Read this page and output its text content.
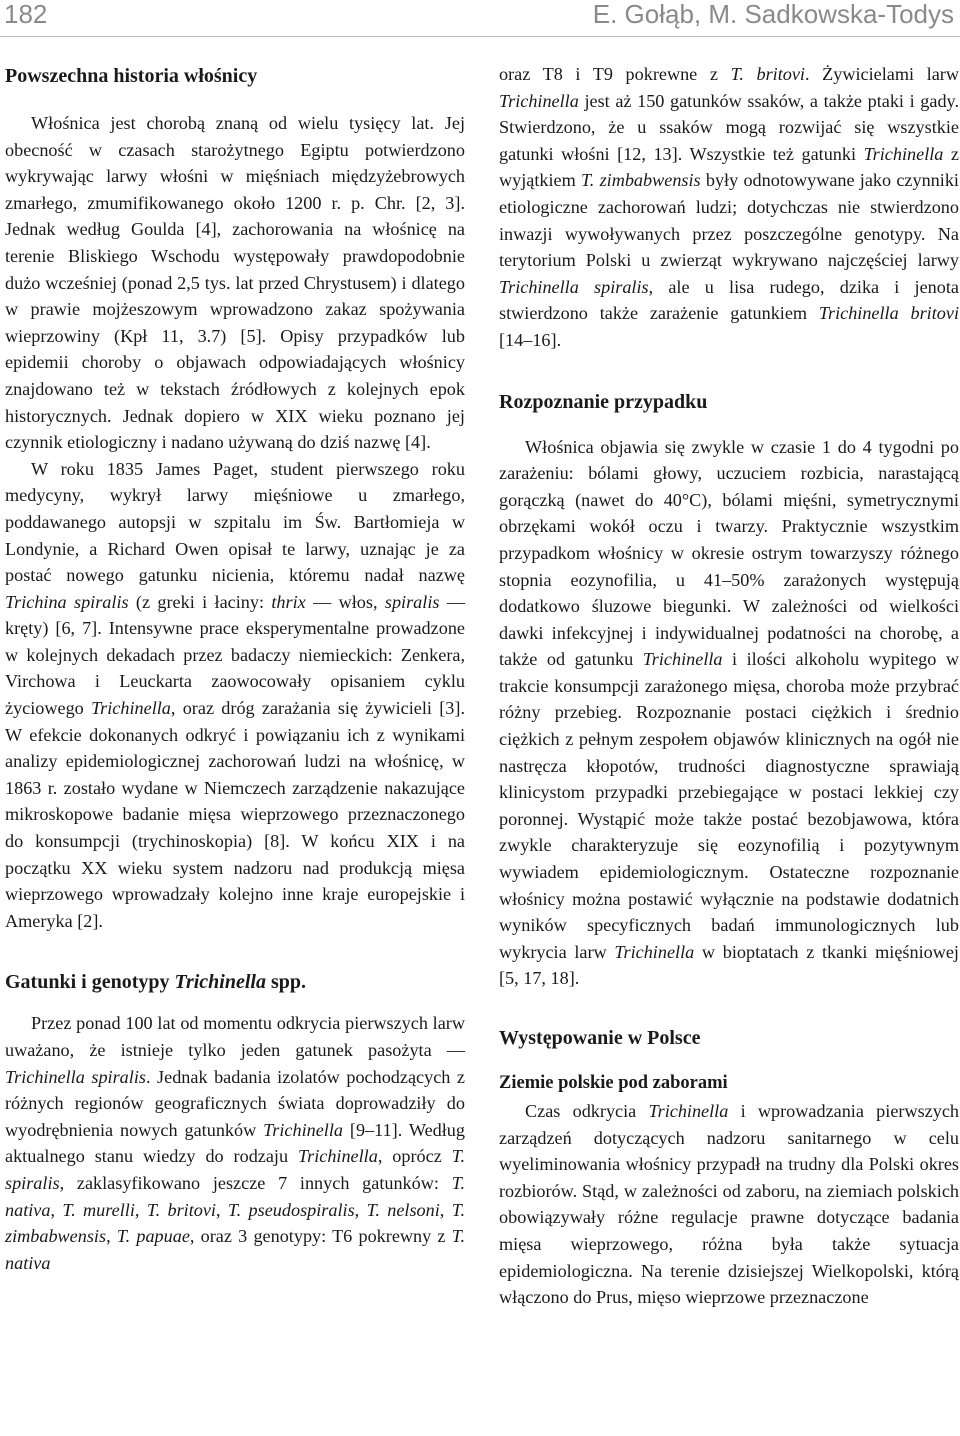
182	E. Gołąb, M. Sadkowska-Todys
Powszechna historia włośnicy

Włośnica jest chorobą znaną od wielu tysięcy lat. Jej obecność w czasach starożytnego Egiptu potwierdzono wykrywając larwy włośni w mięśniach międzyżebrowych zmarłego, zmumifikowanego około 1200 r. p. Chr. [2, 3]. Jednak według Goulda [4], zachorowania na włośnicę na terenie Bliskiego Wschodu występowały prawdopodobnie dużo wcześniej (ponad 2,5 tys. lat przed Chrystusem) i dlatego w prawie mojżeszowym wprowadzono zakaz spożywania wieprzowiny (Kpł 11, 3.7) [5]. Opisy przypadków lub epidemii choroby o objawach odpowiadających włośnicy znajdowano też w tekstach źródłowych z kolejnych epok historycznych. Jednak dopiero w XIX wieku poznano jej czynnik etiologiczny i nadano używaną do dziś nazwę [4].

W roku 1835 James Paget, student pierwszego roku medycyny, wykrył larwy mięśniowe u zmarłego, poddawanego autopsji w szpitalu im Św. Bartłomieja w Londynie, a Richard Owen opisał te larwy, uznając je za postać nowego gatunku nicienia, któremu nadał nazwę Trichina spiralis (z greki i łaciny: thrix — włos, spiralis — kręty) [6, 7]. Intensywne prace eksperymentalne prowadzone w kolejnych dekadach przez badaczy niemieckich: Zenkera, Virchowa i Leuckarta zaowocowały opisaniem cyklu życiowego Trichinella, oraz dróg zarażania się żywicieli [3]. W efekcie dokonanych odkryć i powiązaniu ich z wynikami analizy epidemiologicznej zachorowań ludzi na włośnicę, w 1863 r. zostało wydane w Niemczech zarządzenie nakazujące mikroskopowe badanie mięsa wieprzowego przeznaczonego do konsumpcji (trychinoskopia) [8]. W końcu XIX i na początku XX wieku system nadzoru nad produkcją mięsa wieprzowego wprowadzały kolejno inne kraje europejskie i Ameryka [2].

Gatunki i genotypy Trichinella spp.

Przez ponad 100 lat od momentu odkrycia pierwszych larw uważano, że istnieje tylko jeden gatunek pasożyta — Trichinella spiralis. Jednak badania izolatów pochodzących z różnych regionów geograficznych świata doprowadziły do wyodrębnienia nowych gatunków Trichinella [9–11]. Według aktualnego stanu wiedzy do rodzaju Trichinella, oprócz T. spiralis, zaklasyfikowano jeszcze 7 innych gatunków: T. nativa, T. murelli, T. britovi, T. pseudospiralis, T. nelsoni, T. zimbabwensis, T. papuae, oraz 3 genotypy: T6 pokrewny z T. nativa

oraz T8 i T9 pokrewne z T. britovi. Żywicielami larw Trichinella jest aż 150 gatunków ssaków, a także ptaki i gady. Stwierdzono, że u ssaków mogą rozwijać się wszystkie gatunki włośni [12, 13]. Wszystkie też gatunki Trichinella z wyjątkiem T. zimbabwensis były odnotowywane jako czynniki etiologiczne zachorowań ludzi; dotychczas nie stwierdzono inwazji wywoływanych przez poszczególne genotypy. Na terytorium Polski u zwierząt wykrywano najczęściej larwy Trichinella spiralis, ale u lisa rudego, dzika i jenota stwierdzono także zarażenie gatunkiem Trichinella britovi [14–16].

Rozpoznanie przypadku

Włośnica objawia się zwykle w czasie 1 do 4 tygodni po zarażeniu: bólami głowy, uczuciem rozbicia, narastającą gorączką (nawet do 40°C), bólami mięśni, symetrycznymi obrzękami wokół oczu i twarzy. Praktycznie wszystkim przypadkom włośnicy w okresie ostrym towarzyszy różnego stopnia eozynofilia, u 41–50% zarażonych występują dodatkowo śluzowe biegunki. W zależności od wielkości dawki infekcyjnej i indywidualnej podatności na chorobę, a także od gatunku Trichinella i ilości alkoholu wypitego w trakcie konsumpcji zarażonego mięsa, choroba może przybrać różny przebieg. Rozpoznanie postaci ciężkich i średnio ciężkich z pełnym zespołem objawów klinicznych na ogół nie nastręcza kłopotów, trudności diagnostyczne sprawiają klinicystom przypadki przebiegające w postaci lekkiej czy poronnej. Wystąpić może także postać bezobjawowa, która zwykle charakteryzuje się eozynofilią i pozytywnym wywiadem epidemiologicznym. Ostateczne rozpoznanie włośnicy można postawić wyłącznie na podstawie dodatnich wyników specyficznych badań immunologicznych lub wykrycia larw Trichinella w bioptatach z tkanki mięśniowej [5, 17, 18].

Występowanie w Polsce
Ziemie polskie pod zaborami

Czas odkrycia Trichinella i wprowadzania pierwszych zarządzeń dotyczących nadzoru sanitarnego w celu wyeliminowania włośnicy przypadł na trudny dla Polski okres rozbiorów. Stąd, w zależności od zaboru, na ziemiach polskich obowiązywały różne regulacje prawne dotyczące badania mięsa wieprzowego, różna była także sytuacja epidemiologiczna. Na terenie dzisiejszej Wielkopolski, którą włączono do Prus, mięso wieprzowe przeznaczone
